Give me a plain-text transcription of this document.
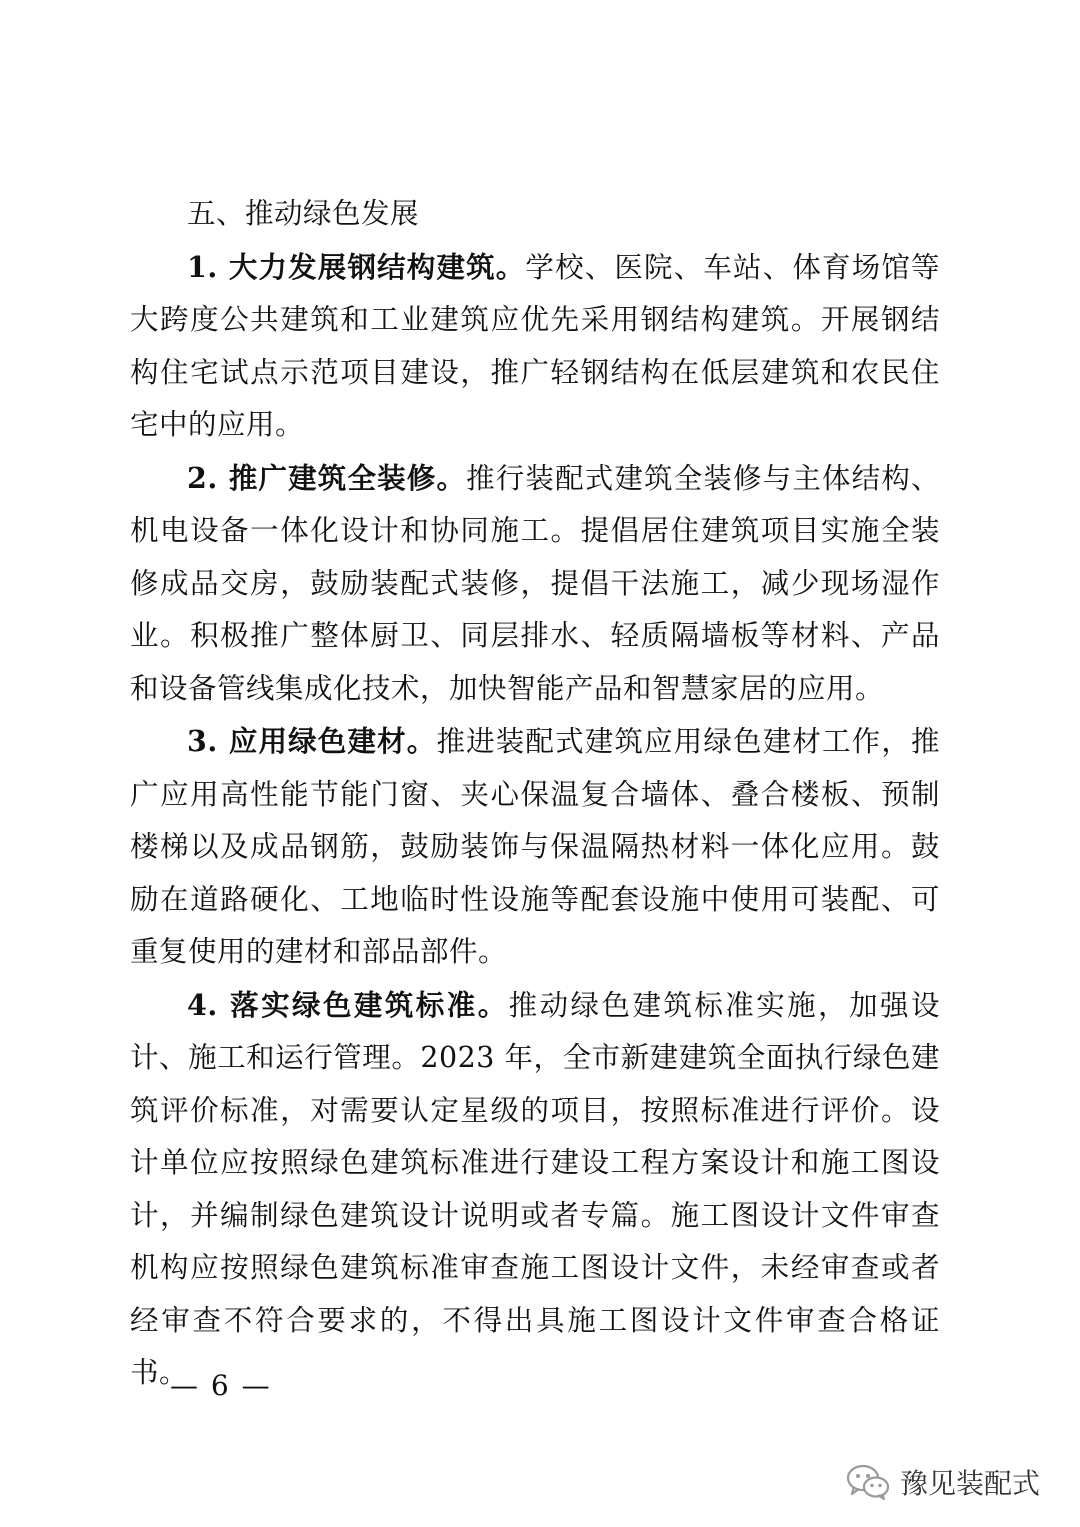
五、推动绿色发展

1. 大力发展钢结构建筑。学校、医院、车站、体育场馆等大跨度公共建筑和工业建筑应优先采用钢结构建筑。开展钢结构住宅试点示范项目建设，推广轻钢结构在低层建筑和农民住宅中的应用。

2. 推广建筑全装修。推行装配式建筑全装修与主体结构、机电设备一体化设计和协同施工。提倡居住建筑项目实施全装修成品交房，鼓励装配式装修，提倡干法施工，减少现场湿作业。积极推广整体厨卫、同层排水、轻质隔墙板等材料、产品和设备管线集成化技术，加快智能产品和智慧家居的应用。

3. 应用绿色建材。推进装配式建筑应用绿色建材工作，推广应用高性能节能门窗、夹心保温复合墙体、叠合楼板、预制楼梯以及成品钢筋，鼓励装饰与保温隔热材料一体化应用。鼓励在道路硬化、工地临时性设施等配套设施中使用可装配、可重复使用的建材和部品部件。

4. 落实绿色建筑标准。推动绿色建筑标准实施，加强设计、施工和运行管理。2023 年，全市新建建筑全面执行绿色建筑评价标准，对需要认定星级的项目，按照标准进行评价。设计单位应按照绿色建筑标准进行建设工程方案设计和施工图设计，并编制绿色建筑设计说明或者专篇。施工图设计文件审查机构应按照绿色建筑标准审查施工图设计文件，未经审查或者经审查不符合要求的，不得出具施工图设计文件审查合格证书。

— 6 —
豫见装配式
